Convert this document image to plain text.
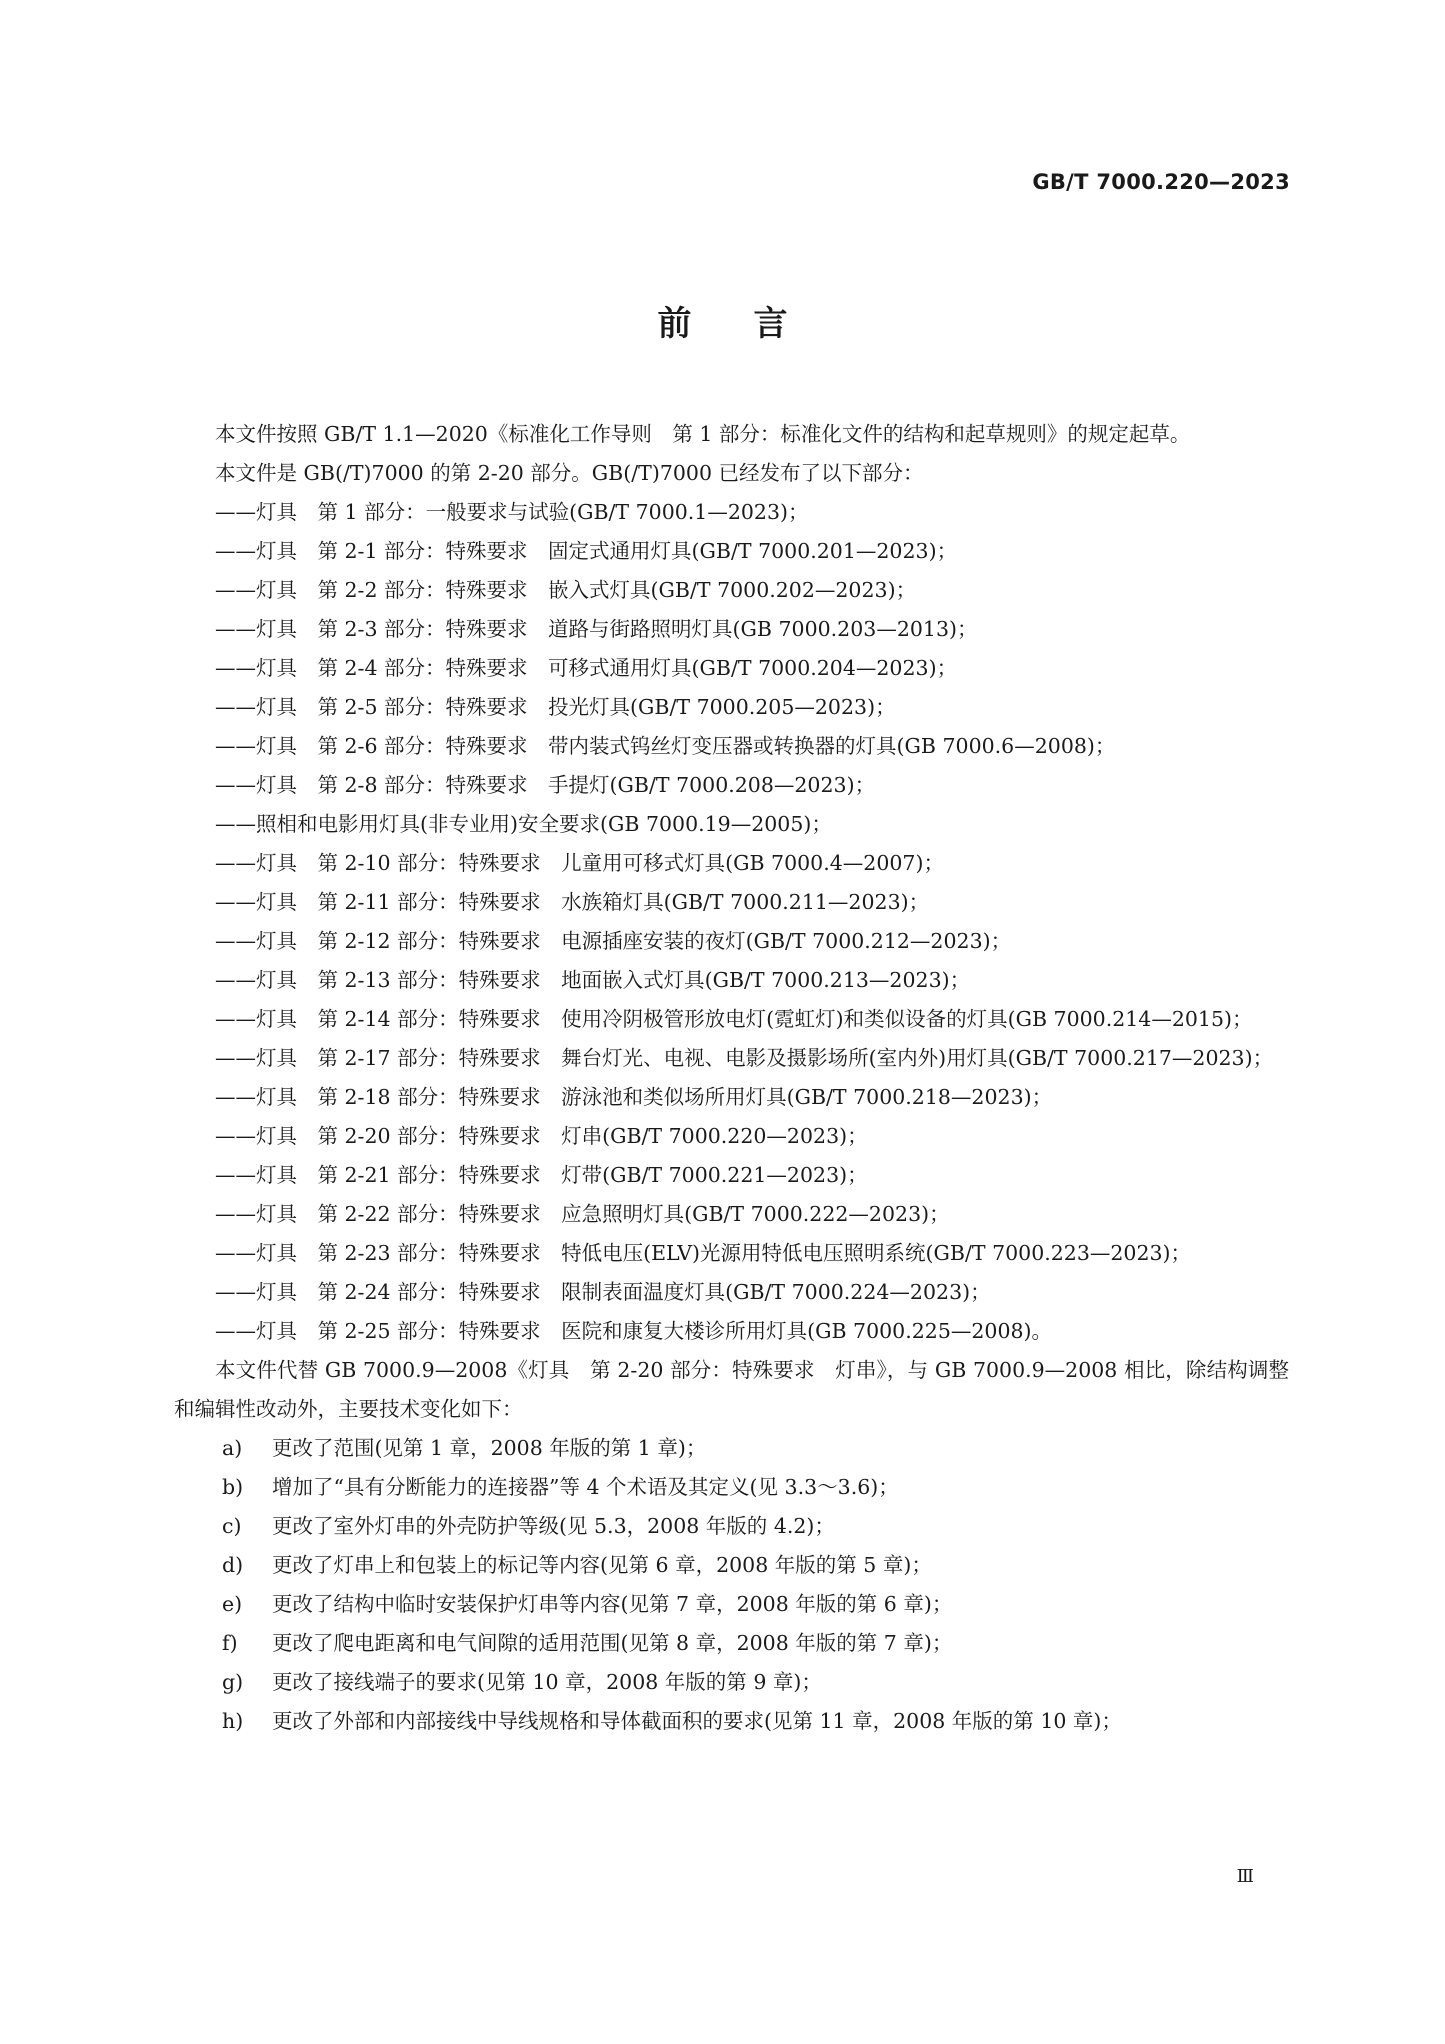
GB/T 7000.220—2023
前言
本文件按照 GB/T 1.1—2020《标准化工作导则　第 1 部分：标准化文件的结构和起草规则》的规定起草。
本文件是 GB(/T)7000 的第 2-20 部分。GB(/T)7000 已经发布了以下部分：
——灯具　第 1 部分：一般要求与试验(GB/T 7000.1—2023)；
——灯具　第 2-1 部分：特殊要求　固定式通用灯具(GB/T 7000.201—2023)；
——灯具　第 2-2 部分：特殊要求　嵌入式灯具(GB/T 7000.202—2023)；
——灯具　第 2-3 部分：特殊要求　道路与街路照明灯具(GB 7000.203—2013)；
——灯具　第 2-4 部分：特殊要求　可移式通用灯具(GB/T 7000.204—2023)；
——灯具　第 2-5 部分：特殊要求　投光灯具(GB/T 7000.205—2023)；
——灯具　第 2-6 部分：特殊要求　带内装式钨丝灯变压器或转换器的灯具(GB 7000.6—2008)；
——灯具　第 2-8 部分：特殊要求　手提灯(GB/T 7000.208—2023)；
——照相和电影用灯具(非专业用)安全要求(GB 7000.19—2005)；
——灯具　第 2-10 部分：特殊要求　儿童用可移式灯具(GB 7000.4—2007)；
——灯具　第 2-11 部分：特殊要求　水族箱灯具(GB/T 7000.211—2023)；
——灯具　第 2-12 部分：特殊要求　电源插座安装的夜灯(GB/T 7000.212—2023)；
——灯具　第 2-13 部分：特殊要求　地面嵌入式灯具(GB/T 7000.213—2023)；
——灯具　第 2-14 部分：特殊要求　使用冷阴极管形放电灯(霓虹灯)和类似设备的灯具(GB 7000.214—2015)；
——灯具　第 2-17 部分：特殊要求　舞台灯光、电视、电影及摄影场所(室内外)用灯具(GB/T 7000.217—2023)；
——灯具　第 2-18 部分：特殊要求　游泳池和类似场所用灯具(GB/T 7000.218—2023)；
——灯具　第 2-20 部分：特殊要求　灯串(GB/T 7000.220—2023)；
——灯具　第 2-21 部分：特殊要求　灯带(GB/T 7000.221—2023)；
——灯具　第 2-22 部分：特殊要求　应急照明灯具(GB/T 7000.222—2023)；
——灯具　第 2-23 部分：特殊要求　特低电压(ELV)光源用特低电压照明系统(GB/T 7000.223—2023)；
——灯具　第 2-24 部分：特殊要求　限制表面温度灯具(GB/T 7000.224—2023)；
——灯具　第 2-25 部分：特殊要求　医院和康复大楼诊所用灯具(GB 7000.225—2008)。
本文件代替 GB 7000.9—2008《灯具　第 2-20 部分：特殊要求　灯串》，与 GB 7000.9—2008 相比，除结构调整和编辑性改动外，主要技术变化如下：
a)	更改了范围(见第 1 章，2008 年版的第 1 章)；
b)	增加了“具有分断能力的连接器”等 4 个术语及其定义(见 3.3～3.6)；
c)	更改了室外灯串的外壳防护等级(见 5.3，2008 年版的 4.2)；
d)	更改了灯串上和包装上的标记等内容(见第 6 章，2008 年版的第 5 章)；
e)	更改了结构中临时安装保护灯串等内容(见第 7 章，2008 年版的第 6 章)；
f)	更改了爬电距离和电气间隙的适用范围(见第 8 章，2008 年版的第 7 章)；
g)	更改了接线端子的要求(见第 10 章，2008 年版的第 9 章)；
h)	更改了外部和内部接线中导线规格和导体截面积的要求(见第 11 章，2008 年版的第 10 章)；
Ⅲ
